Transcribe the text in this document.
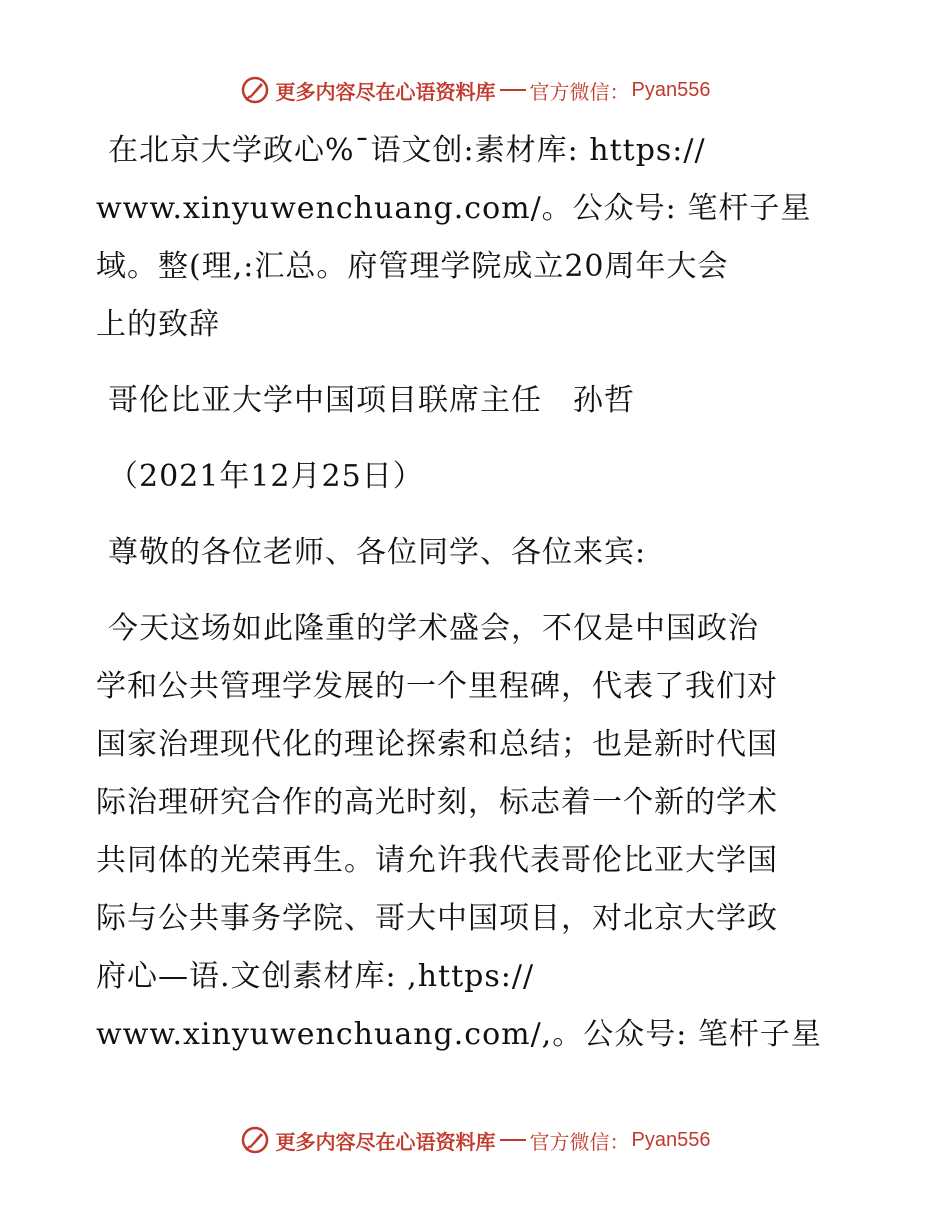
更多内容尽在心语资料库 官方微信： Pyan556
在北京大学政心%¯语文创:素材库: https://
www.xinyuwenchuang.com/。公众号: 笔杆子星
域。整(理,:汇总。府管理学院成立20周年大会
上的致辞
哥伦比亚大学中国项目联席主任　孙哲
（2021年12月25日）
尊敬的各位老师、各位同学、各位来宾:
今天这场如此隆重的学术盛会，不仅是中国政治
学和公共管理学发展的一个里程碑，代表了我们对
国家治理现代化的理论探索和总结；也是新时代国
际治理研究合作的高光时刻，标志着一个新的学术
共同体的光荣再生。请允许我代表哥伦比亚大学国
际与公共事务学院、哥大中国项目，对北京大学政
府心—语.文创素材库: ,https://
www.xinyuwenchuang.com/,。公众号: 笔杆子星
更多内容尽在心语资料库 官方微信： Pyan556
